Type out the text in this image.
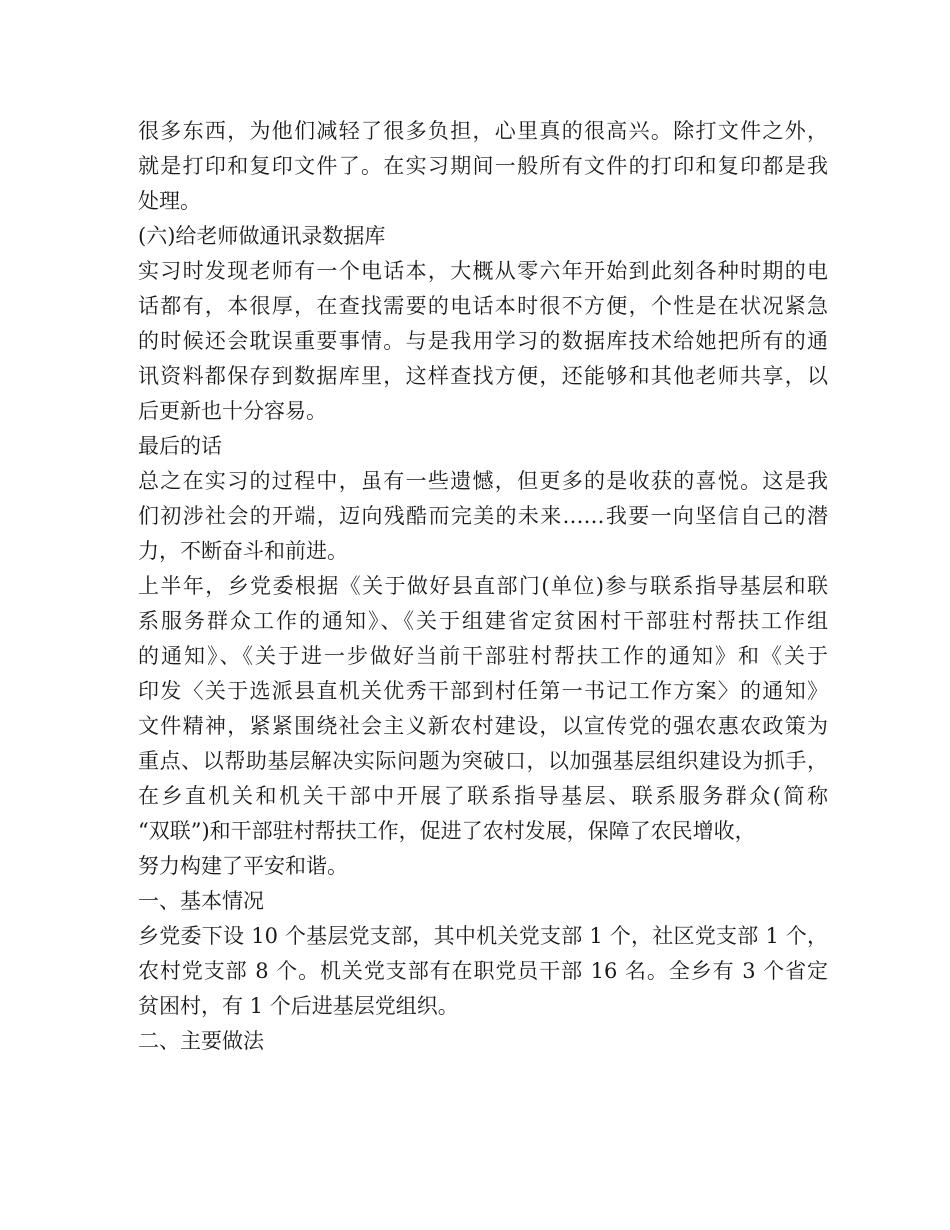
很多东西，为他们减轻了很多负担，心里真的很高兴。除打文件之外，
就是打印和复印文件了。在实习期间一般所有文件的打印和复印都是我
处理。
(六)给老师做通讯录数据库
实习时发现老师有一个电话本，大概从零六年开始到此刻各种时期的电
话都有，本很厚，在查找需要的电话本时很不方便，个性是在状况紧急
的时候还会耽误重要事情。与是我用学习的数据库技术给她把所有的通
讯资料都保存到数据库里，这样查找方便，还能够和其他老师共享，以
后更新也十分容易。
最后的话
总之在实习的过程中，虽有一些遗憾，但更多的是收获的喜悦。这是我
们初涉社会的开端，迈向残酷而完美的未来……我要一向坚信自己的潜
力，不断奋斗和前进。
上半年，乡党委根据《关于做好县直部门(单位)参与联系指导基层和联
系服务群众工作的通知》、《关于组建省定贫困村干部驻村帮扶工作组
的通知》、《关于进一步做好当前干部驻村帮扶工作的通知》和《关于
印发〈关于选派县直机关优秀干部到村任第一书记工作方案〉的通知》
文件精神，紧紧围绕社会主义新农村建设，以宣传党的强农惠农政策为
重点、以帮助基层解决实际问题为突破口，以加强基层组织建设为抓手，
在乡直机关和机关干部中开展了联系指导基层、联系服务群众(简称
“双联”)和干部驻村帮扶工作，促进了农村发展，保障了农民增收，
努力构建了平安和谐。
一、基本情况
乡党委下设 10 个基层党支部，其中机关党支部 1 个，社区党支部 1 个，
农村党支部 8 个。机关党支部有在职党员干部 16 名。全乡有 3 个省定
贫困村，有 1 个后进基层党组织。
二、主要做法
